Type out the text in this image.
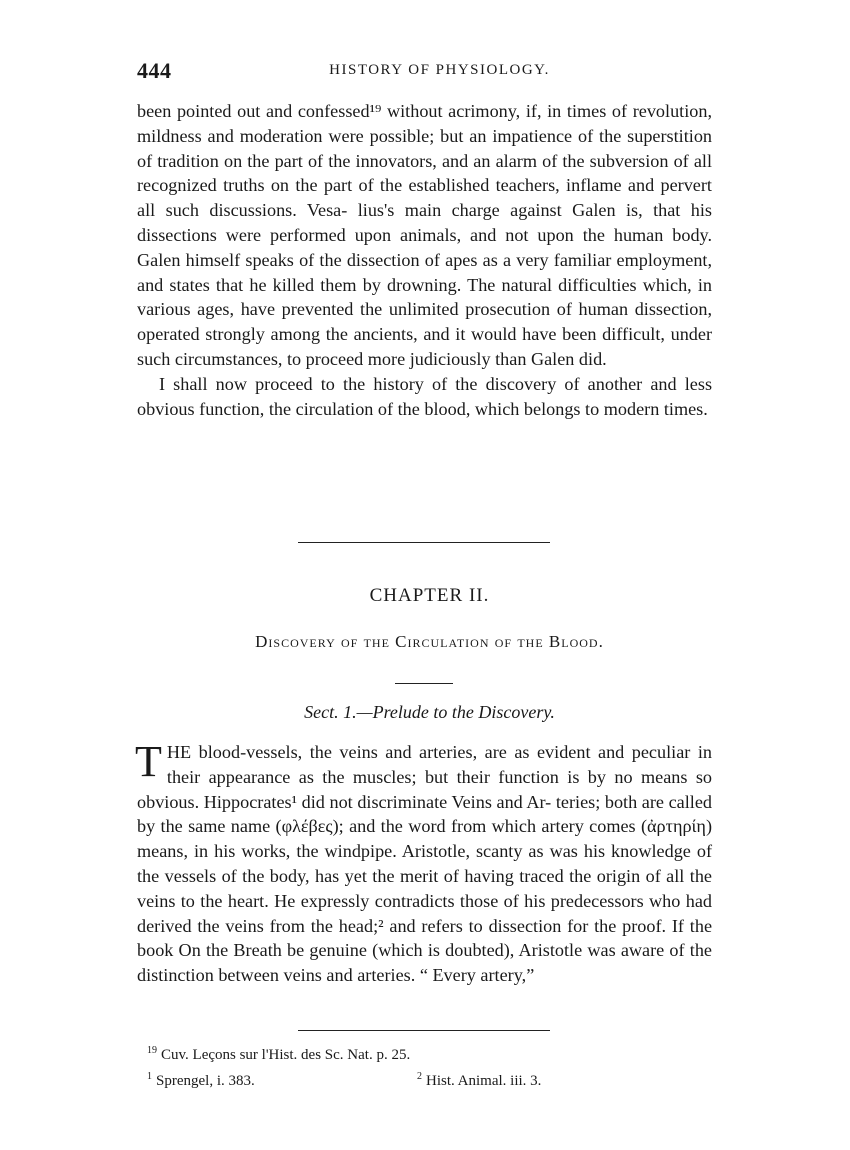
444	HISTORY OF PHYSIOLOGY.

been pointed out and confessed¹⁹ without acrimony, if, in times of revolution, mildness and moderation were possible; but an impatience of the superstition of tradition on the part of the innovators, and an alarm of the subversion of all recognized truths on the part of the established teachers, inflame and pervert all such discussions. Vesa- lius's main charge against Galen is, that his dissections were performed upon animals, and not upon the human body. Galen himself speaks of the dissection of apes as a very familiar employment, and states that he killed them by drowning. The natural difficulties which, in various ages, have prevented the unlimited prosecution of human dissection, operated strongly among the ancients, and it would have been difficult, under such circumstances, to proceed more judiciously than Galen did.

I shall now proceed to the history of the discovery of another and less obvious function, the circulation of the blood, which belongs to modern times.

CHAPTER II.
Discovery of the Circulation of the Blood.
Sect. 1.—Prelude to the Discovery.

T HE blood-vessels, the veins and arteries, are as evident and peculiar in their appearance as the muscles; but their function is by no means so obvious. Hippocrates¹ did not discriminate Veins and Ar- teries; both are called by the same name (φλέβες); and the word from which artery comes (ἀρτηρίη) means, in his works, the windpipe. Aristotle, scanty as was his knowledge of the vessels of the body, has yet the merit of having traced the origin of all the veins to the heart. He expressly contradicts those of his predecessors who had derived the veins from the head;² and refers to dissection for the proof. If the book On the Breath be genuine (which is doubted), Aristotle was aware of the distinction between veins and arteries. “ Every artery,”

$^{19}$ Cuv. Leçons sur l'Hist. des Sc. Nat. p. 25.
$^1$ Sprengel, i. 383.	$^2$ Hist. Animal. iii. 3.
